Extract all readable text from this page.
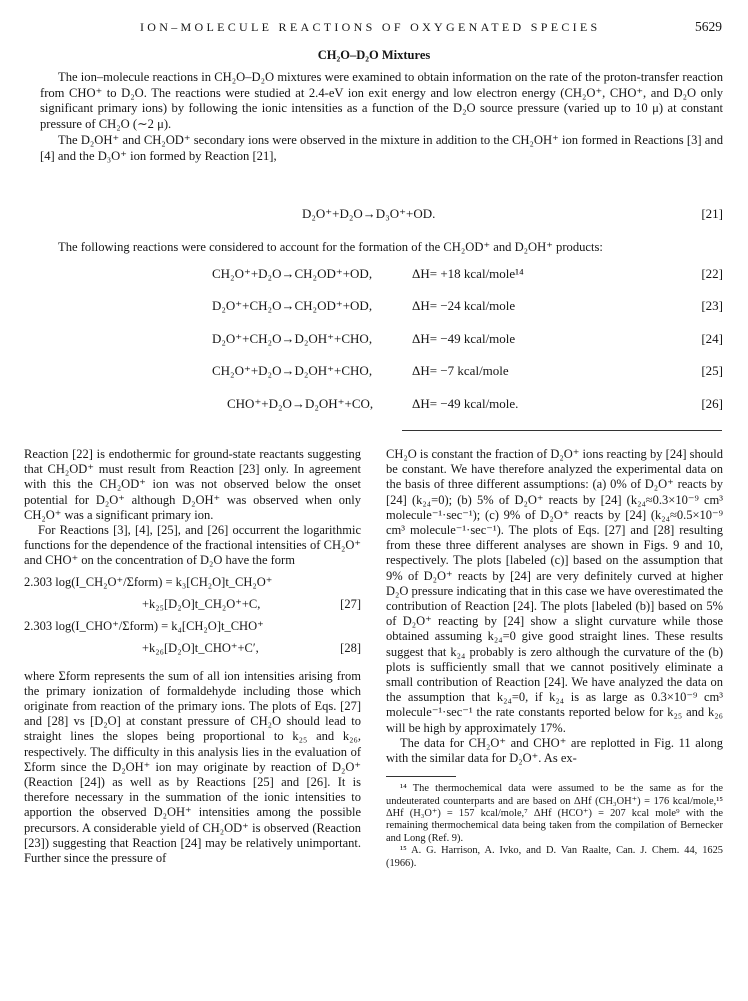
ION–MOLECULE REACTIONS OF OXYGENATED SPECIES	5629
CH₂O–D₂O Mixtures

The ion–molecule reactions in CH₂O–D₂O mixtures were examined to obtain information on the rate of the proton-transfer reaction from CHO⁺ to D₂O. The reactions were studied at 2.4-eV ion exit energy and low electron energy (CH₂O⁺, CHO⁺, and D₂O only significant primary ions) by following the ionic intensities as a function of the D₂O source pressure (varied up to 10 μ) at constant pressure of CH₂O (∼2 μ).

The D₂OH⁺ and CH₂OD⁺ secondary ions were observed in the mixture in addition to the CH₂OH⁺ ion formed in Reactions [3] and [4] and the D₃O⁺ ion formed by Reaction [21],

D₂O⁺+D₂O→D₃O⁺+OD.	[21]

The following reactions were considered to account for the formation of the CH₂OD⁺ and D₂OH⁺ products:

CH₂O⁺+D₂O→CH₂OD⁺+OD,	ΔH= +18 kcal/mole¹⁴	[22]
D₂O⁺+CH₂O→CH₂OD⁺+OD,	ΔH= −24 kcal/mole	[23]
D₂O⁺+CH₂O→D₂OH⁺+CHO,	ΔH= −49 kcal/mole	[24]
CH₂O⁺+D₂O→D₂OH⁺+CHO,	ΔH= −7 kcal/mole	[25]
CHO⁺+D₂O→D₂OH⁺+CO,	ΔH= −49 kcal/mole.	[26]

Reaction [22] is endothermic for ground-state reactants suggesting that CH₂OD⁺ must result from Reaction [23] only. In agreement with this the CH₂OD⁺ ion was not observed below the onset potential for D₂O⁺ although D₂OH⁺ was observed when only CH₂O⁺ was a significant primary ion.

For Reactions [3], [4], [25], and [26] occurrent the logarithmic functions for the dependence of the fractional intensities of CH₂O⁺ and CHO⁺ on the concentration of D₂O have the form

2.303 log(I_CH₂O⁺/Σform) = k₃[CH₂O]t_CH₂O⁺
+k₂₅[D₂O]t_CH₂O⁺+C,	[27]
2.303 log(I_CHO⁺/Σform) = k₄[CH₂O]t_CHO⁺
+k₂₆[D₂O]t_CHO⁺+C′,	[28]

where Σform represents the sum of all ion intensities arising from the primary ionization of formaldehyde including those which originate from reaction of the primary ions. The plots of Eqs. [27] and [28] vs [D₂O] at constant pressure of CH₂O should lead to straight lines the slopes being proportional to k₂₅ and k₂₆, respectively. The difficulty in this analysis lies in the evaluation of Σform since the D₂OH⁺ ion may originate by reaction of D₂O⁺ (Reaction [24]) as well as by Reactions [25] and [26]. It is therefore necessary in the summation of the ionic intensities to apportion the observed D₂OH⁺ intensities among the possible precursors. A considerable yield of CH₂OD⁺ is observed (Reaction [23]) suggesting that Reaction [24] may be relatively unimportant. Further since the pressure of

CH₂O is constant the fraction of D₂O⁺ ions reacting by [24] should be constant. We have therefore analyzed the experimental data on the basis of three different assumptions: (a) 0% of D₂O⁺ reacts by [24] (k₂₄=0); (b) 5% of D₂O⁺ reacts by [24] (k₂₄≈0.3×10⁻⁹ cm³ molecule⁻¹·sec⁻¹); (c) 9% of D₂O⁺ reacts by [24] (k₂₄≈0.5×10⁻⁹ cm³ molecule⁻¹·sec⁻¹). The plots of Eqs. [27] and [28] resulting from these three different analyses are shown in Figs. 9 and 10, respectively. The plots [labeled (c)] based on the assumption that 9% of D₂O⁺ reacts by [24] are very definitely curved at higher D₂O pressure indicating that in this case we have overestimated the contribution of Reaction [24]. The plots [labeled (b)] based on 5% of D₂O⁺ reacting by [24] show a slight curvature while those obtained assuming k₂₄=0 give good straight lines. These results suggest that k₂₄ probably is zero although the curvature of the (b) plots is sufficiently small that we cannot positively eliminate a small contribution of Reaction [24]. We have analyzed the data on the assumption that k₂₄=0, if k₂₄ is as large as 0.3×10⁻⁹ cm³ molecule⁻¹·sec⁻¹ the rate constants reported below for k₂₅ and k₂₆ will be high by approximately 17%.

The data for CH₂O⁺ and CHO⁺ are replotted in Fig. 11 along with the similar data for D₂O⁺. As ex-

¹⁴ The thermochemical data were assumed to be the same as for the undeuterated counterparts and are based on ΔHf (CH₃OH⁺) = 176 kcal/mole,¹⁵ ΔHf (H₃O⁺) = 157 kcal/mole,⁷ ΔHf (HCO⁺) = 207 kcal mole⁹ with the remaining thermochemical data being taken from the compilation of Bernecker and Long (Ref. 9).

¹⁵ A. G. Harrison, A. Ivko, and D. Van Raalte, Can. J. Chem. 44, 1625 (1966).
